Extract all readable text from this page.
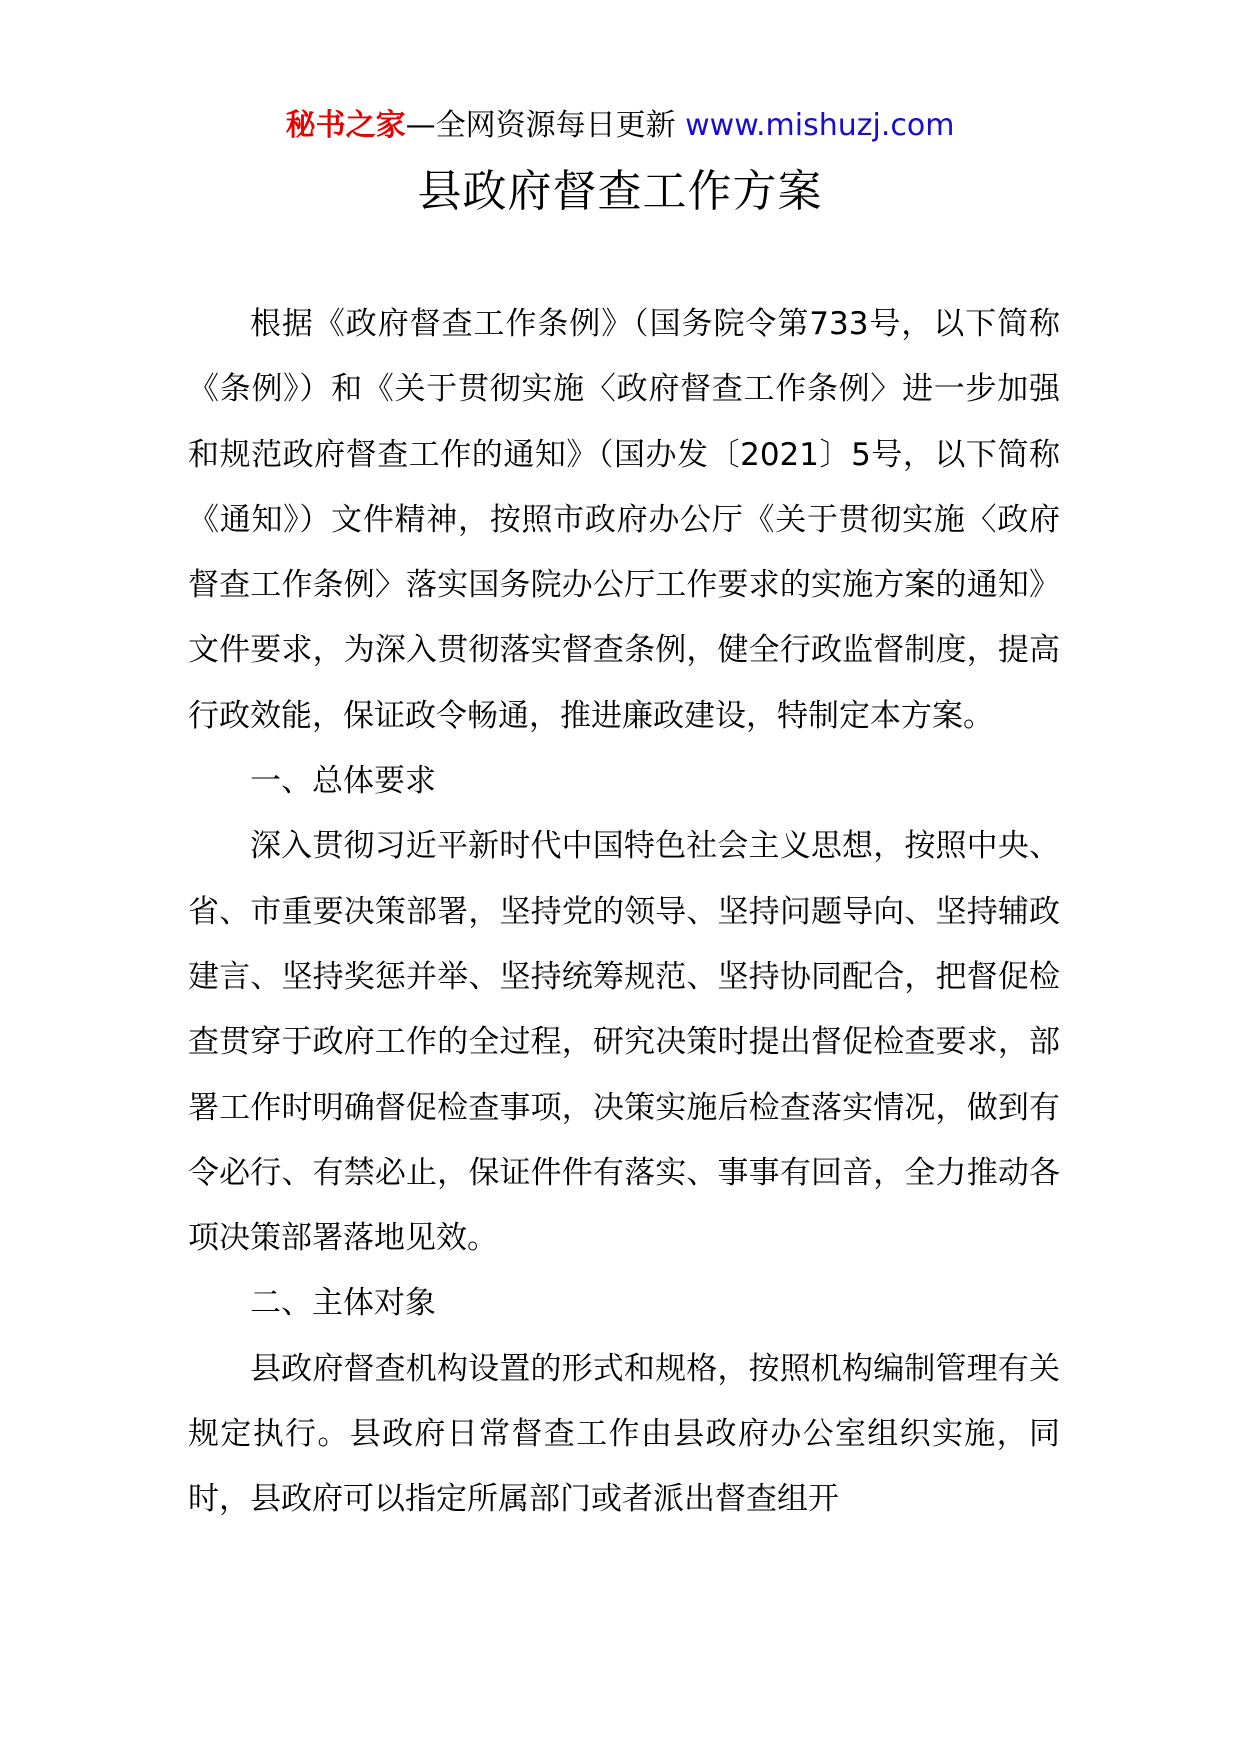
秘书之家—全网资源每日更新 www.mishuzj.com
县政府督查工作方案

根据《政府督查工作条例》（国务院令第733号，以下简称《条例》）和《关于贯彻实施〈政府督查工作条例〉进一步加强和规范政府督查工作的通知》（国办发〔2021〕5号，以下简称《通知》）文件精神，按照市政府办公厅《关于贯彻实施〈政府督查工作条例〉落实国务院办公厅工作要求的实施方案的通知》文件要求，为深入贯彻落实督查条例，健全行政监督制度，提高行政效能，保证政令畅通，推进廉政建设，特制定本方案。

一、总体要求

深入贯彻习近平新时代中国特色社会主义思想，按照中央、省、市重要决策部署，坚持党的领导、坚持问题导向、坚持辅政建言、坚持奖惩并举、坚持统筹规范、坚持协同配合，把督促检查贯穿于政府工作的全过程，研究决策时提出督促检查要求，部署工作时明确督促检查事项，决策实施后检查落实情况，做到有令必行、有禁必止，保证件件有落实、事事有回音，全力推动各项决策部署落地见效。

二、主体对象

县政府督查机构设置的形式和规格，按照机构编制管理有关规定执行。县政府日常督查工作由县政府办公室组织实施，同时，县政府可以指定所属部门或者派出督查组开
